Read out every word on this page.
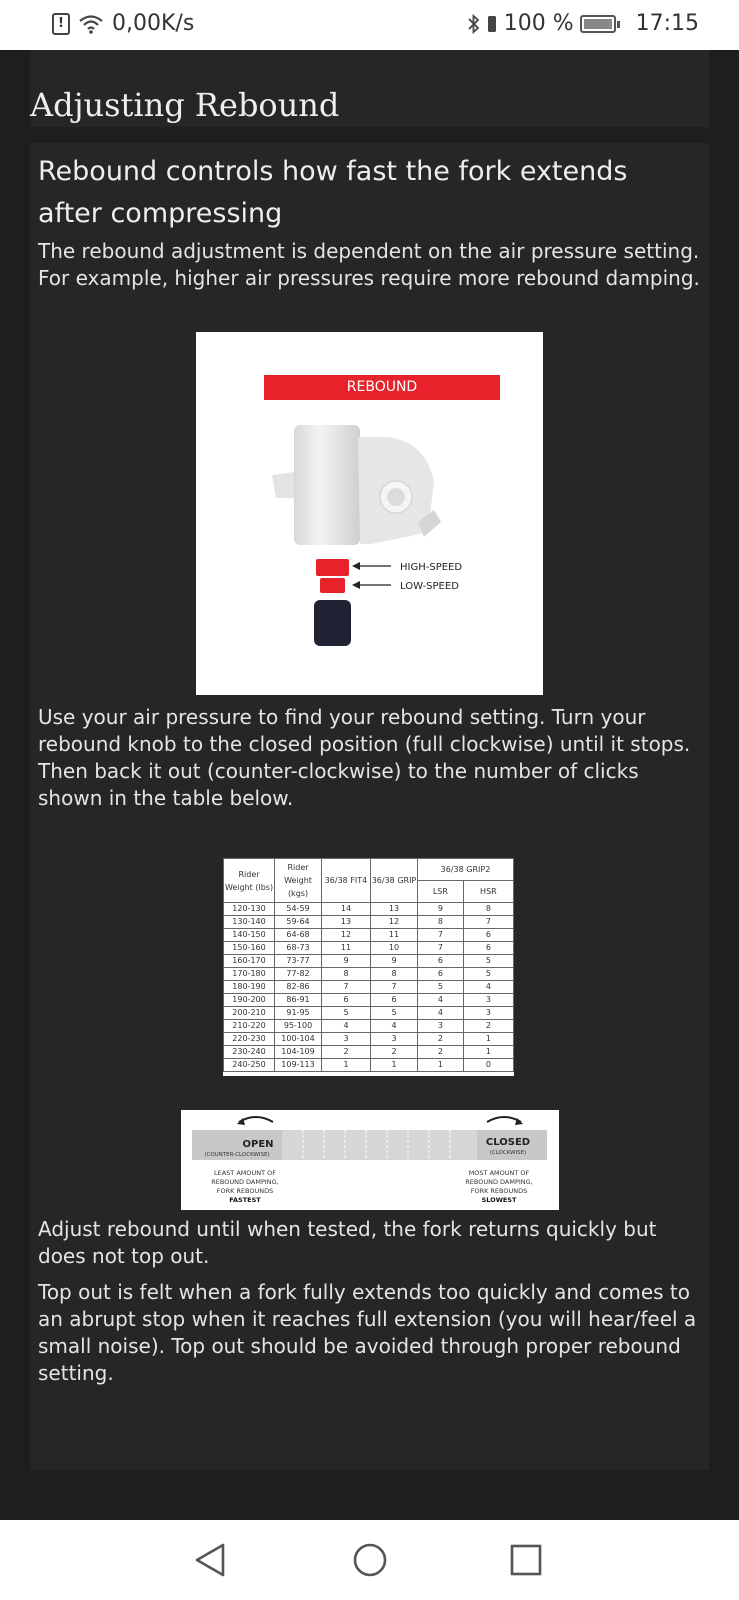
! 0,00K/s	100 %	17:15
Adjusting Rebound
Rebound controls how fast the fork extends after compressing
The rebound adjustment is dependent on the air pressure setting. For example, higher air pressures require more rebound damping.
REBOUND
HIGH-SPEED
LOW-SPEED
Use your air pressure to find your rebound setting. Turn your rebound knob to the closed position (full clockwise) until it stops. Then back it out (counter-clockwise) to the number of clicks shown in the table below.
Rider Weight (lbs)	Rider Weight (kgs)	36/38 FIT4	36/38 GRIP	36/38 GRIP2	
				LSR	HSR
120-130	54-59	14	13	9	8
130-140	59-64	13	12	8	7
140-150	64-68	12	11	7	6
150-160	68-73	11	10	7	6
160-170	73-77	9	9	6	5
170-180	77-82	8	8	6	5
180-190	82-86	7	7	5	4
190-200	86-91	6	6	4	3
200-210	91-95	5	5	4	3
210-220	95-100	4	4	3	2
220-230	100-104	3	3	2	1
230-240	104-109	2	2	2	1
240-250	109-113	1	1	1	0
OPEN
(COUNTER-CLOCKWISE)
CLOSED
(CLOCKWISE)
LEAST AMOUNT OF
REBOUND DAMPING,
FORK REBOUNDS
FASTEST
MOST AMOUNT OF
REBOUND DAMPING,
FORK REBOUNDS
SLOWEST
Adjust rebound until when tested, the fork returns quickly but does not top out.
Top out is felt when a fork fully extends too quickly and comes to an abrupt stop when it reaches full extension (you will hear/feel a small noise). Top out should be avoided through proper rebound setting.
